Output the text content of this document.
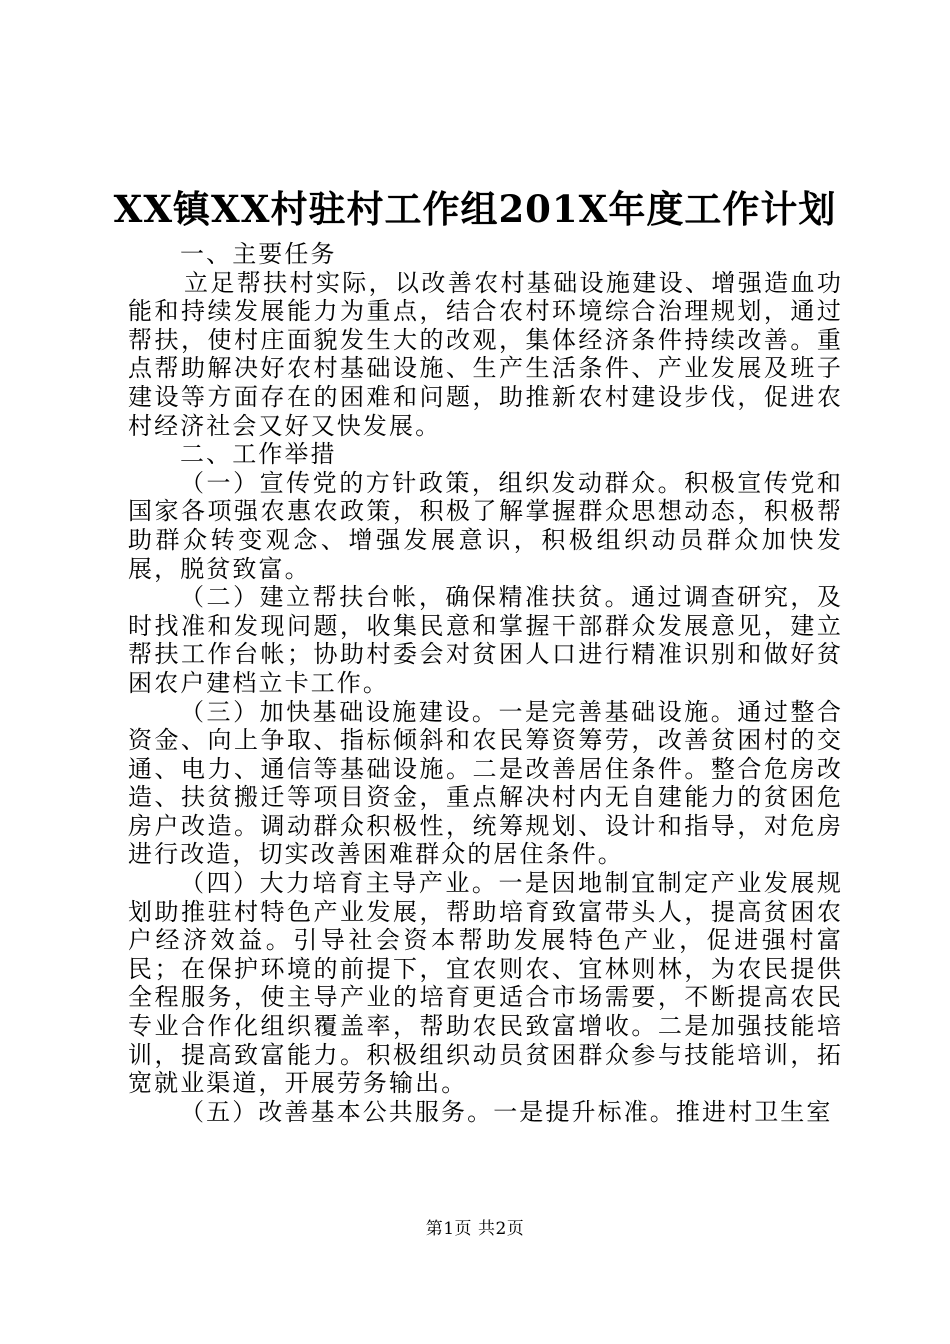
XX镇XX村驻村工作组201X年度工作计划

一、主要任务

立足帮扶村实际，以改善农村基础设施建设、增强造血功能和持续发展能力为重点，结合农村环境综合治理规划，通过帮扶，使村庄面貌发生大的改观，集体经济条件持续改善。重点帮助解决好农村基础设施、生产生活条件、产业发展及班子建设等方面存在的困难和问题，助推新农村建设步伐，促进农村经济社会又好又快发展。

二、工作举措

（一）宣传党的方针政策，组织发动群众。积极宣传党和国家各项强农惠农政策，积极了解掌握群众思想动态，积极帮助群众转变观念、增强发展意识，积极组织动员群众加快发展，脱贫致富。

（二）建立帮扶台帐，确保精准扶贫。通过调查研究，及时找准和发现问题，收集民意和掌握干部群众发展意见，建立帮扶工作台帐；协助村委会对贫困人口进行精准识别和做好贫困农户建档立卡工作。

（三）加快基础设施建设。一是完善基础设施。通过整合资金、向上争取、指标倾斜和农民筹资筹劳，改善贫困村的交通、电力、通信等基础设施。二是改善居住条件。整合危房改造、扶贫搬迁等项目资金，重点解决村内无自建能力的贫困危房户改造。调动群众积极性，统筹规划、设计和指导，对危房进行改造，切实改善困难群众的居住条件。

（四）大力培育主导产业。一是因地制宜制定产业发展规划助推驻村特色产业发展，帮助培育致富带头人，提高贫困农户经济效益。引导社会资本帮助发展特色产业，促进强村富民；在保护环境的前提下，宜农则农、宜林则林，为农民提供全程服务，使主导产业的培育更适合市场需要，不断提高农民专业合作化组织覆盖率，帮助农民致富增收。二是加强技能培训，提高致富能力。积极组织动员贫困群众参与技能培训，拓宽就业渠道，开展劳务输出。

（五）改善基本公共服务。一是提升标准。推进村卫生室

第1页 共2页
